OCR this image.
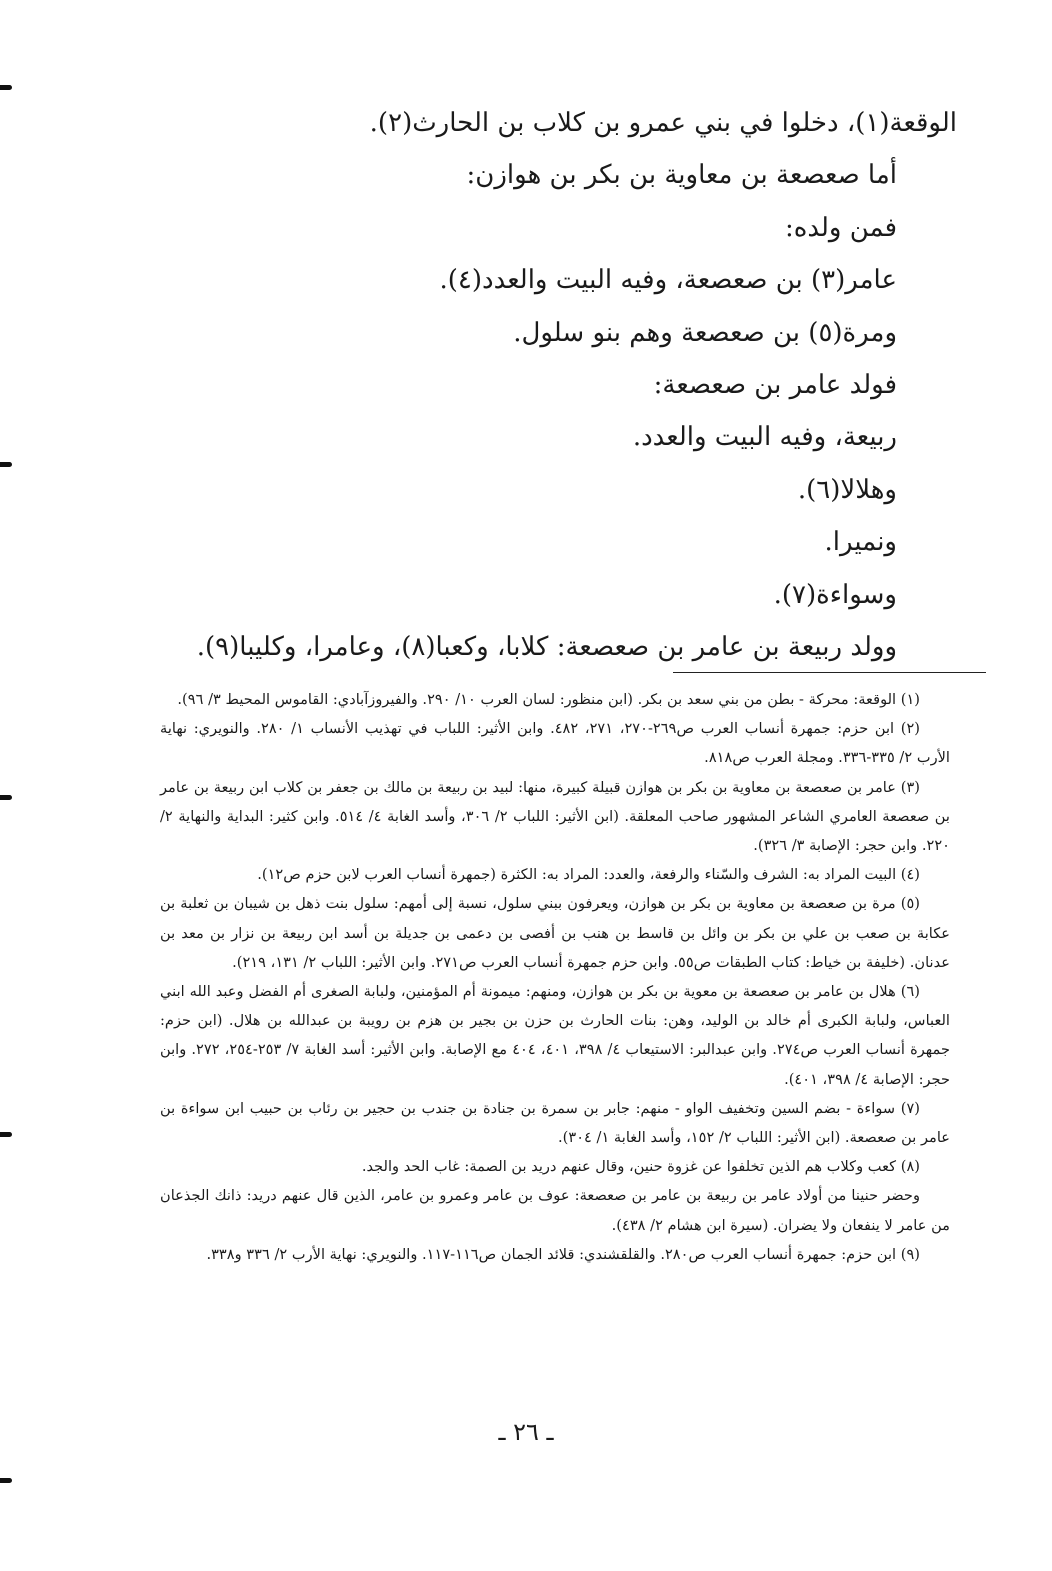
الوقعة(١)، دخلوا في بني عمرو بن كلاب بن الحارث(٢).
أما صعصعة بن معاوية بن بكر بن هوازن:
فمن ولده:
عامر(٣) بن صعصعة، وفيه البيت والعدد(٤).
ومرة(٥) بن صعصعة وهم بنو سلول.
فولد عامر بن صعصعة:
ربيعة، وفيه البيت والعدد.
وهلالا(٦).
ونميرا.
وسواءة(٧).
وولد ربيعة بن عامر بن صعصعة: كلابا، وكعبا(٨)، وعامرا، وكليبا(٩).

(١) الوقعة: محركة - بطن من بني سعد بن بكر. (ابن منظور: لسان العرب ١٠/ ٢٩٠. والفيروزآبادي: القاموس المحيط ٣/ ٩٦).

(٢) ابن حزم: جمهرة أنساب العرب ص٢٦٩-٢٧٠، ٢٧١، ٤٨٢. وابن الأثير: اللباب في تهذيب الأنساب ١/ ٢٨٠. والنويري: نهاية الأرب ٢/ ٣٣٥-٣٣٦. ومجلة العرب ص٨١٨.

(٣) عامر بن صعصعة بن معاوية بن بكر بن هوازن قبيلة كبيرة، منها: لبيد بن ربيعة بن مالك بن جعفر بن كلاب ابن ربيعة بن عامر بن صعصعة العامري الشاعر المشهور صاحب المعلقة. (ابن الأثير: اللباب ٢/ ٣٠٦، وأسد الغابة ٤/ ٥١٤. وابن كثير: البداية والنهاية ٢/ ٢٢٠. وابن حجر: الإصابة ٣/ ٣٢٦).

(٤) البيت المراد به: الشرف والسّناء والرفعة، والعدد: المراد به: الكثرة (جمهرة أنساب العرب لابن حزم ص١٢).

(٥) مرة بن صعصعة بن معاوية بن بكر بن هوازن، ويعرفون ببني سلول، نسبة إلى أمهم: سلول بنت ذهل بن شيبان بن ثعلبة بن عكابة بن صعب بن علي بن بكر بن وائل بن قاسط بن هنب بن أفصى بن دعمى بن جديلة بن أسد ابن ربيعة بن نزار بن معد بن عدنان. (خليفة بن خياط: كتاب الطبقات ص٥٥. وابن حزم جمهرة أنساب العرب ص٢٧١. وابن الأثير: اللباب ٢/ ١٣١، ٢١٩).

(٦) هلال بن عامر بن صعصعة بن معوية بن بكر بن هوازن، ومنهم: ميمونة أم المؤمنين، ولبابة الصغرى أم الفضل وعبد الله ابني العباس، ولبابة الكبرى أم خالد بن الوليد، وهن: بنات الحارث بن حزن بن بجير بن هزم بن رويبة بن عبدالله بن هلال. (ابن حزم: جمهرة أنساب العرب ص٢٧٤. وابن عبدالبر: الاستيعاب ٤/ ٣٩٨، ٤٠١، ٤٠٤ مع الإصابة. وابن الأثير: أسد الغابة ٧/ ٢٥٣-٢٥٤، ٢٧٢. وابن حجر: الإصابة ٤/ ٣٩٨، ٤٠١).

(٧) سواءة - بضم السين وتخفيف الواو - منهم: جابر بن سمرة بن جنادة بن جندب بن حجير بن رئاب بن حبيب ابن سواءة بن عامر بن صعصعة. (ابن الأثير: اللباب ٢/ ١٥٢، وأسد الغابة ١/ ٣٠٤).

(٨) كعب وكلاب هم الذين تخلفوا عن غزوة حنين، وقال عنهم دريد بن الصمة: غاب الحد والجد.

وحضر حنينا من أولاد عامر بن ربيعة بن عامر بن صعصعة: عوف بن عامر وعمرو بن عامر، الذين قال عنهم دريد: ذانك الجذعان من عامر لا ينفعان ولا يضران. (سيرة ابن هشام ٢/ ٤٣٨).

(٩) ابن حزم: جمهرة أنساب العرب ص٢٨٠. والقلقشندي: قلائد الجمان ص١١٦-١١٧. والنويري: نهاية الأرب ٢/ ٣٣٦ و٣٣٨.

ـ ٢٦ ـ
